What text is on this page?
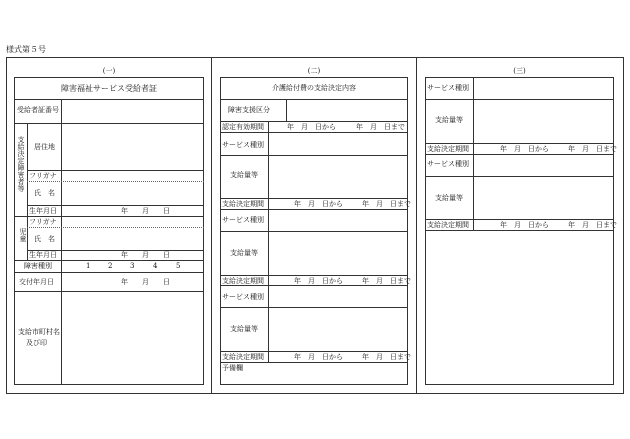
様式第５号
(一)
障害福祉サービス受給者証
受給者証番号
支給決定障害者等
児童
居住地
フリガナ
氏　名
生年月日	年　　月　　日
フリガナ
氏　名
生年月日	年　　月　　日
障害種別	1	2	3	4	5
交付年月日	年　　月　　日
支給市町村名
及び印
(二)
介護給付費の支給決定内容
障害支援区分
認定有効期間	年　月　日から	年　月　日まで
サービス種別
支給量等
支給決定期間	年　月　日から	年　月　日まで
サービス種別
支給量等
支給決定期間	年　月　日から	年　月　日まで
サービス種別
支給量等
支給決定期間	年　月　日から	年　月　日まで
予備欄
(三)
サービス種別
支給量等
支給決定期間	年　月　日から	年　月　日まで
サービス種別
支給量等
支給決定期間	年　月　日から	年　月　日まで
